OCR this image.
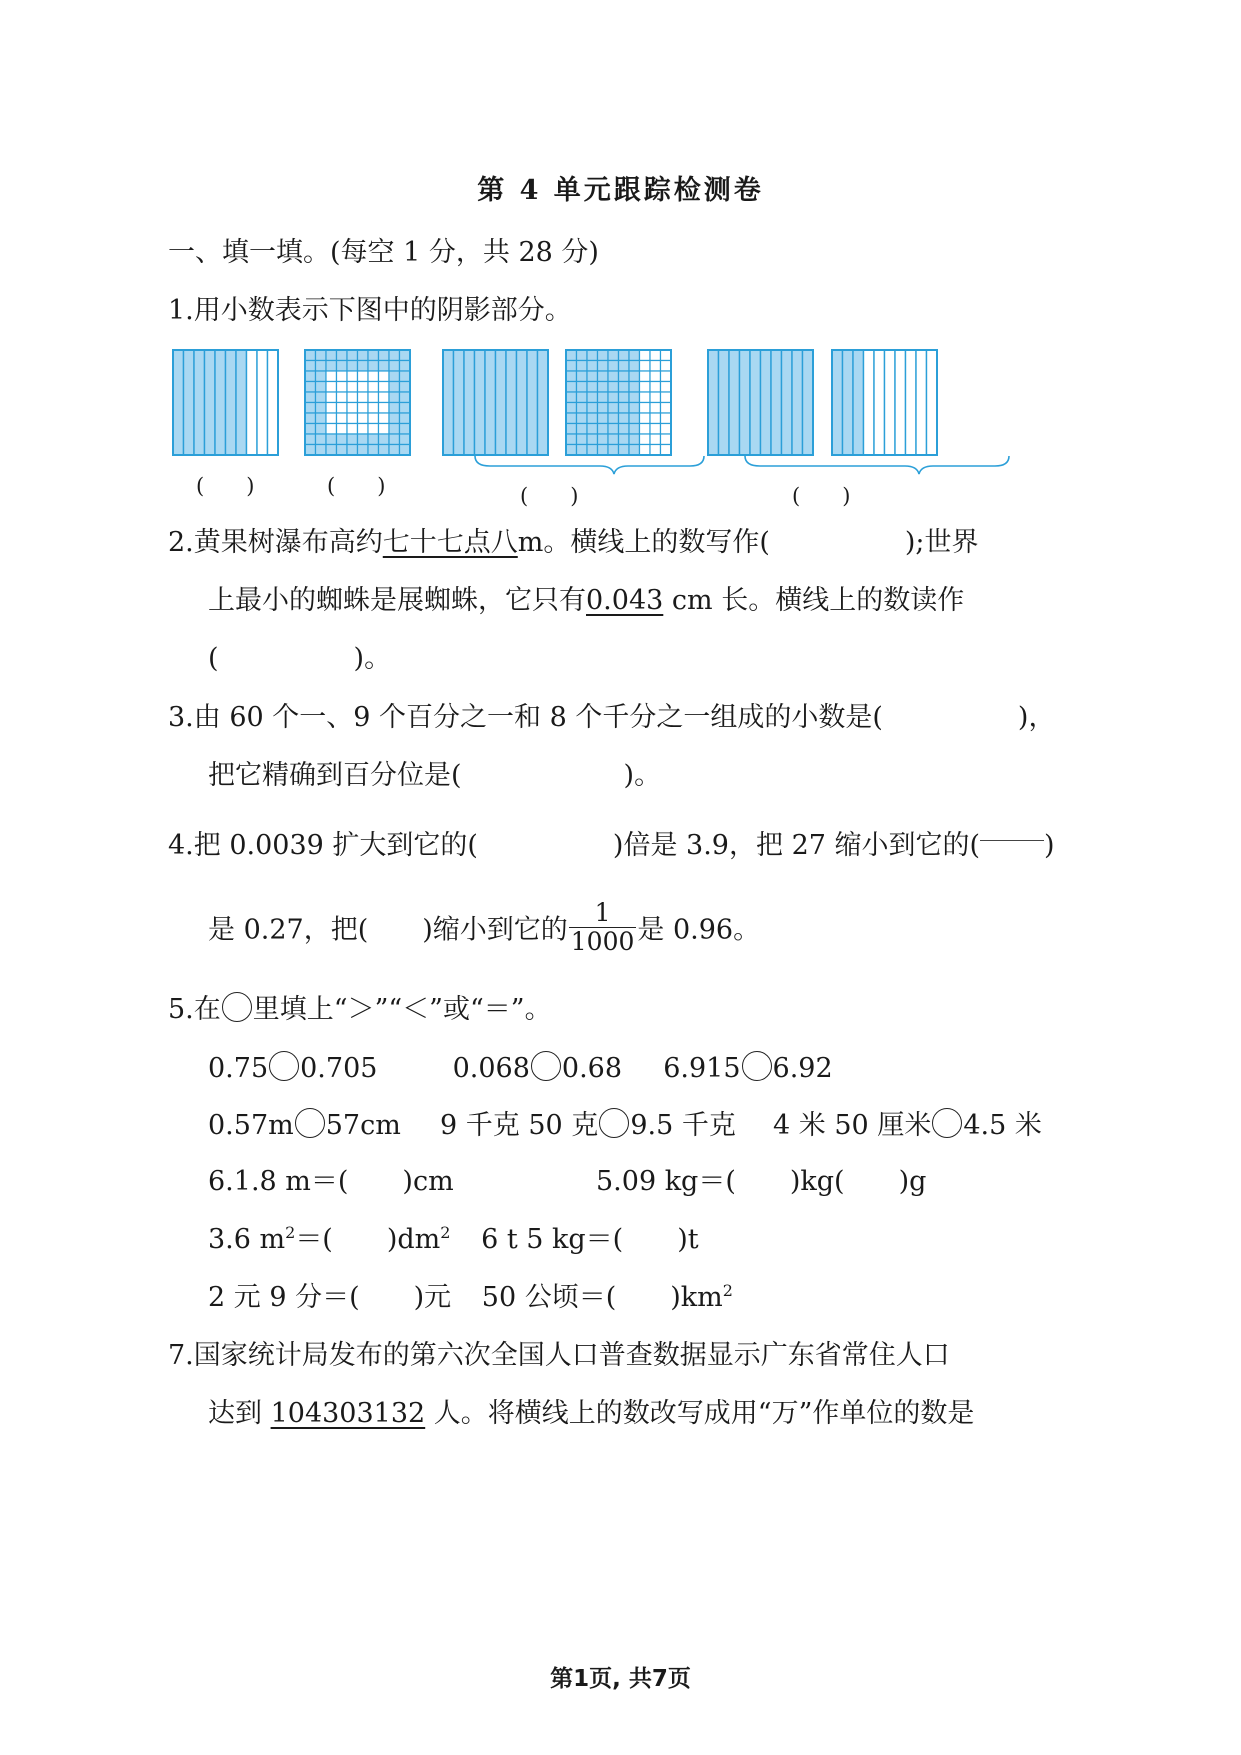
第 4 单元跟踪检测卷
一、填一填。(每空 1 分，共 28 分)
1.用小数表示下图中的阴影部分。
(　　)	(　　)	(　　)	(　　)
2.黄果树瀑布高约七十七点八m。横线上的数写作(　　　　　);世界
上最小的蜘蛛是展蜘蛛，它只有0.043 cm 长。横线上的数读作
(　　　　　)。
3.由 60 个一、9 个百分之一和 8 个千分之一组成的小数是(　　　　　)，
把它精确到百分位是(　　　　　　)。
4.把 0.0039 扩大到它的(　　　　　)倍是 3.9，把 27 缩小到它的( )
是 0.27，把(　　)缩小到它的 $\frac{1}{1000}$ 是 0.96。
5.在 里填上“＞”“＜”或“＝”。
0.75 0.705	0.068 0.68 6.915 6.92
0.57m 57cm 9 千克 50 克 9.5 千克 4 米 50 厘米 4.5 米
6.1.8 m＝(　　)cm	5.09 kg＝(　　)kg(　　)g
3.6 $m^2=$(　　)$dm^2$ 6 t 5 kg＝(　　)t
2 元 9 分＝(　　)元 50 公顷＝(　　)$km^2$
7.国家统计局发布的第六次全国人口普查数据显示广东省常住人口
达到 104303132 人。将横线上的数改写成用“万”作单位的数是
第1页, 共7页
